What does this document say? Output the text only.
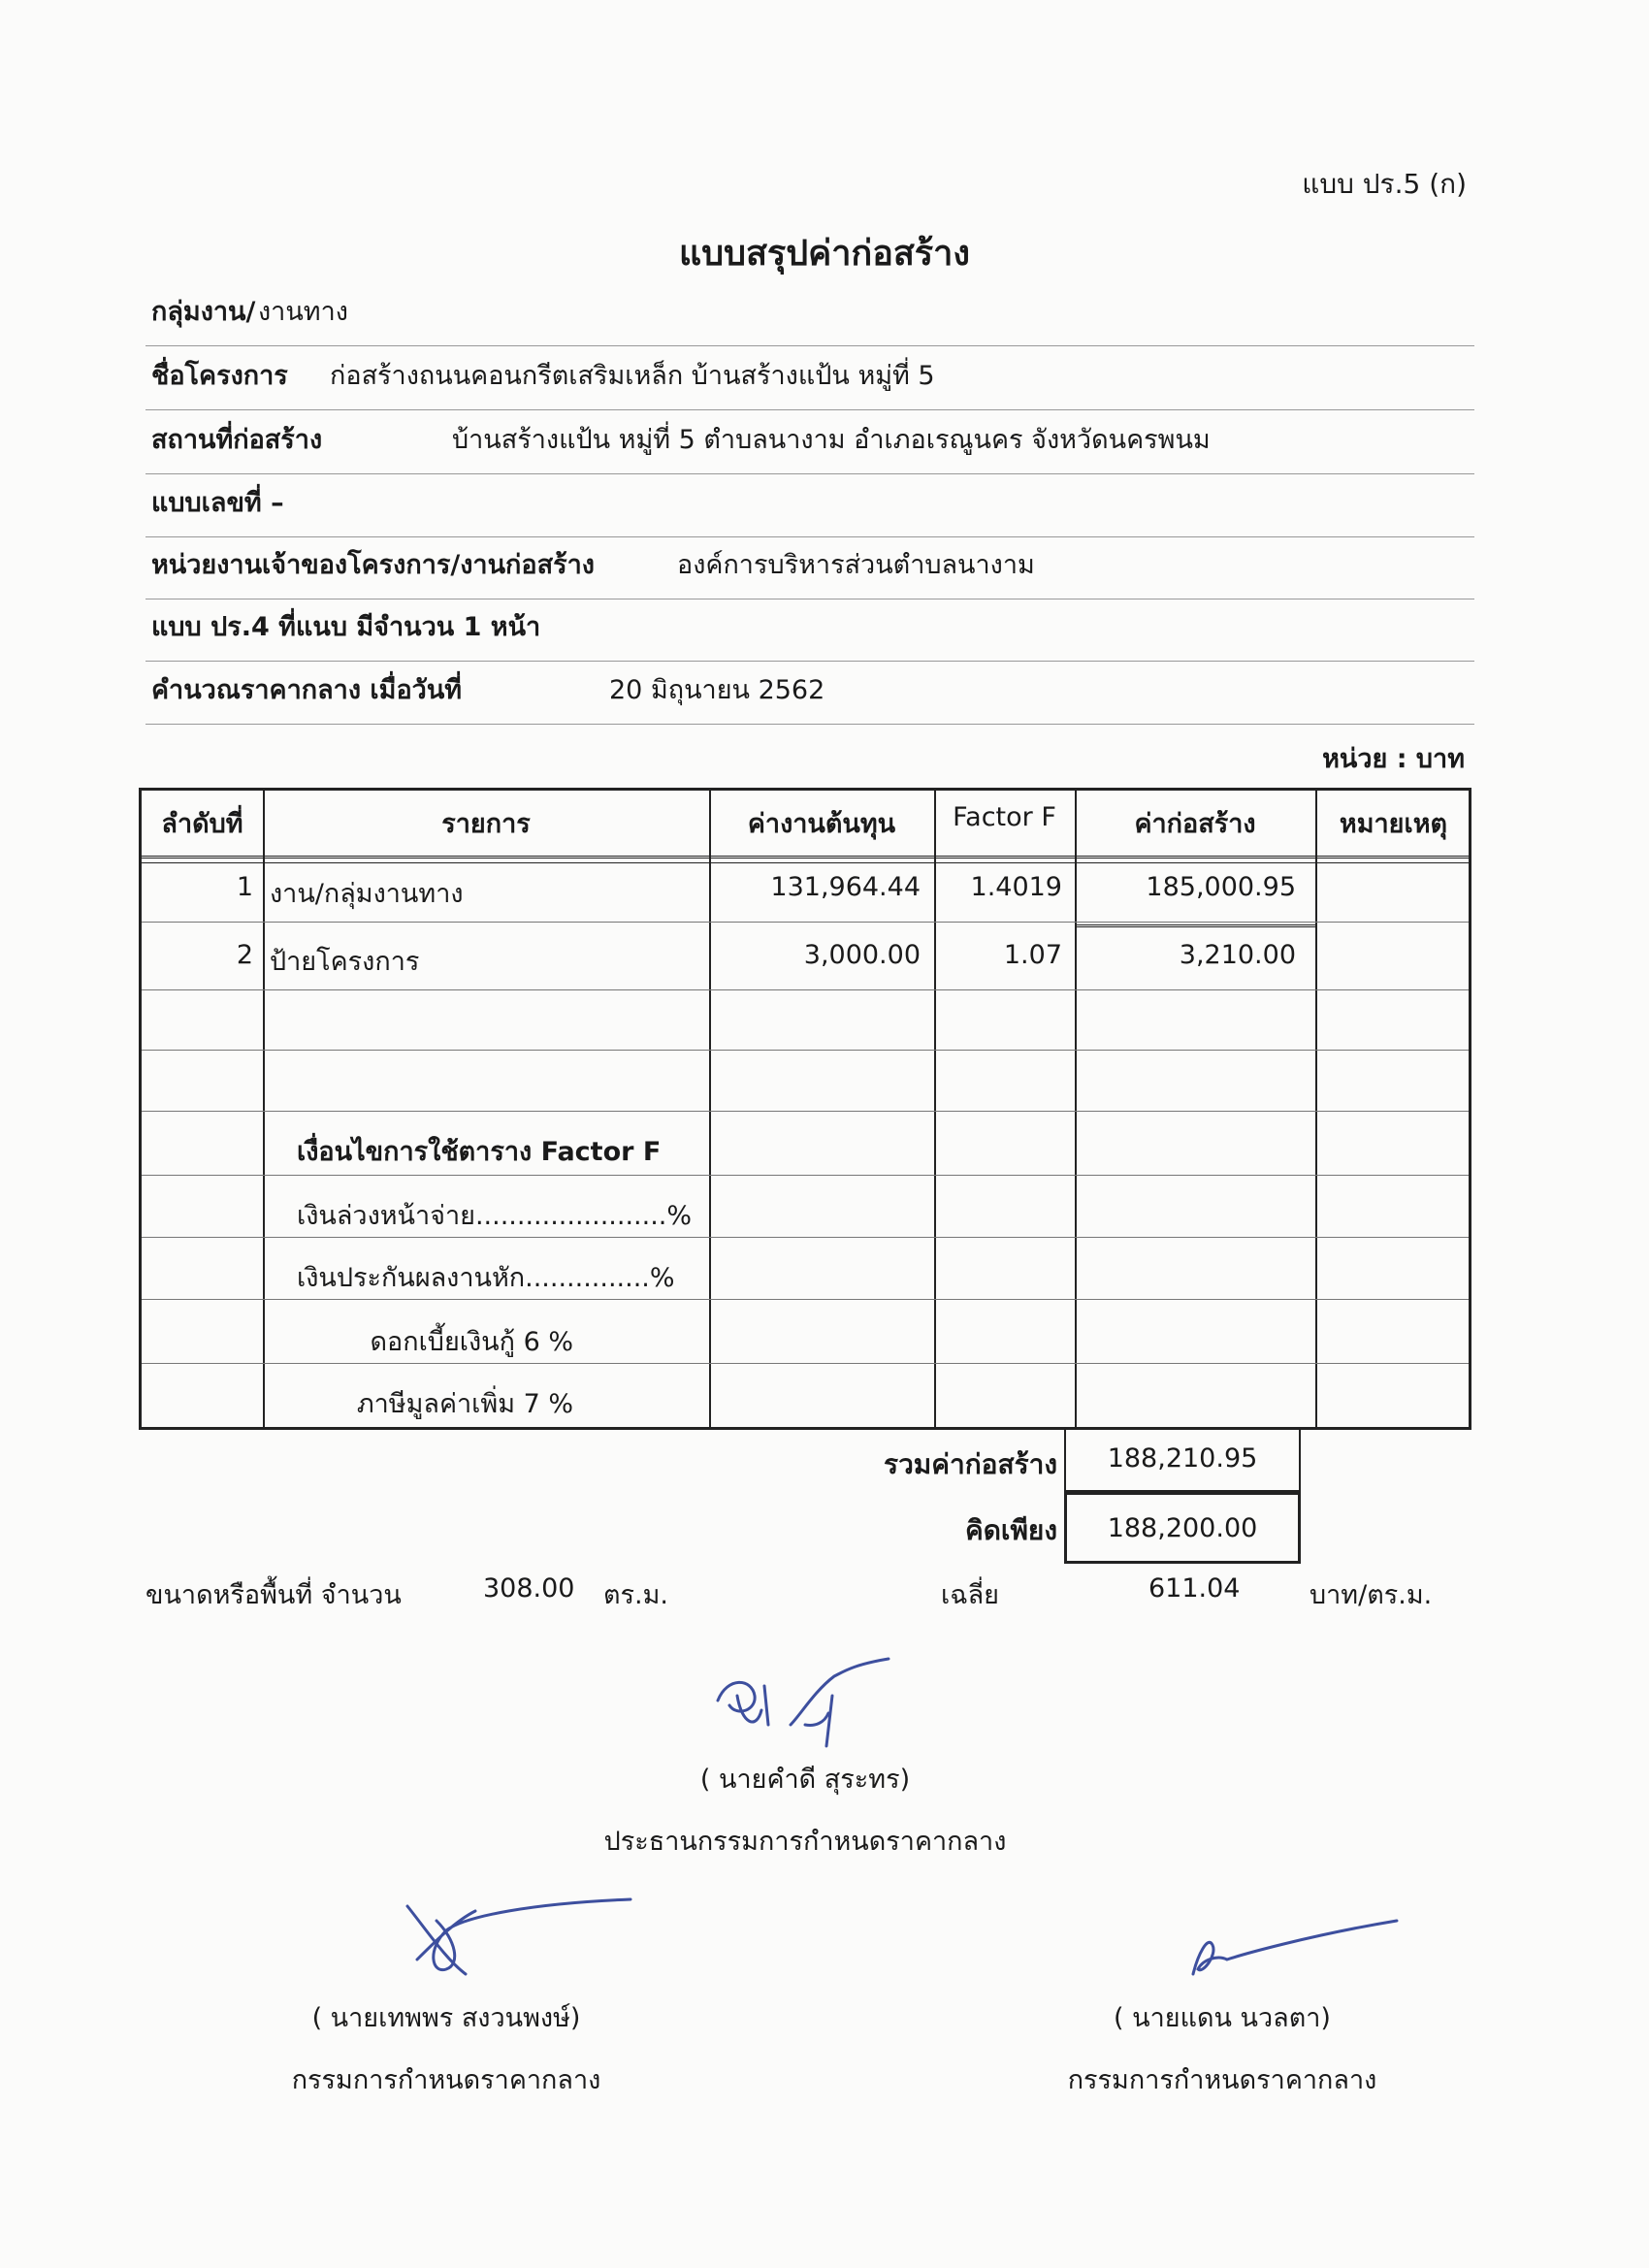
แบบ ปร.5 (ก)
แบบสรุปค่าก่อสร้าง
กลุ่มงาน/ งานทาง
ชื่อโครงการ ก่อสร้างถนนคอนกรีตเสริมเหล็ก บ้านสร้างแป้น หมู่ที่ 5
สถานที่ก่อสร้าง	บ้านสร้างแป้น หมู่ที่ 5 ตำบลนางาม อำเภอเรณูนคร จังหวัดนครพนม
แบบเลขที่ –
หน่วยงานเจ้าของโครงการ/งานก่อสร้าง	องค์การบริหารส่วนตำบลนางาม
แบบ ปร.4 ที่แนบ มีจำนวน 1 หน้า
คำนวณราคากลาง เมื่อวันที่	20 มิถุนายน 2562
หน่วย : บาท
ลำดับที่	รายการ	ค่างานต้นทุน	Factor F	ค่าก่อสร้าง	หมายเหตุ
1 งาน/กลุ่มงานทาง	131,964.44	1.4019	185,000.95
2 ป้ายโครงการ	3,000.00	1.07	3,210.00
เงื่อนไขการใช้ตาราง Factor F
เงินล่วงหน้าจ่าย.......................%
เงินประกันผลงานหัก...............%
ดอกเบี้ยเงินกู้ 6 %
ภาษีมูลค่าเพิ่ม 7 %
รวมค่าก่อสร้าง	188,210.95
คิดเพียง	188,200.00
ขนาดหรือพื้นที่ จำนวน	308.00 ตร.ม.	เฉลี่ย	611.04	บาท/ตร.ม.
( นายคำดี สุระทร)
ประธานกรรมการกำหนดราคากลาง
( นายเทพพร สงวนพงษ์)
กรรมการกำหนดราคากลาง
( นายแดน นวลตา)
กรรมการกำหนดราคากลาง
